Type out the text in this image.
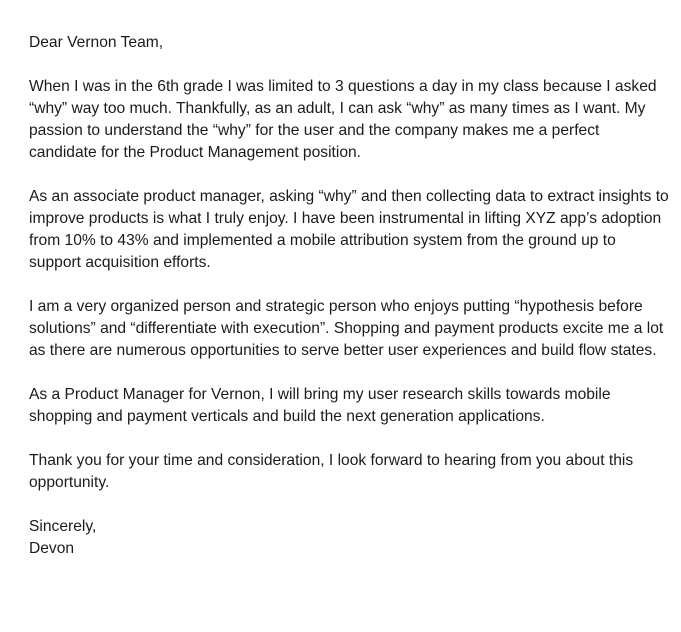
Dear Vernon Team,

When I was in the 6th grade I was limited to 3 questions a day in my class because I asked “why” way too much. Thankfully, as an adult, I can ask “why” as many times as I want. My passion to understand the “why” for the user and the company makes me a perfect candidate for the Product Management position.

As an associate product manager, asking “why” and then collecting data to extract insights to improve products is what I truly enjoy. I have been instrumental in lifting XYZ app’s adoption from 10% to 43% and implemented a mobile attribution system from the ground up to support acquisition efforts.

I am a very organized person and strategic person who enjoys putting “hypothesis before solutions” and “differentiate with execution”. Shopping and payment products excite me a lot as there are numerous opportunities to serve better user experiences and build flow states.

As a Product Manager for Vernon, I will bring my user research skills towards mobile shopping and payment verticals and build the next generation applications.

Thank you for your time and consideration, I look forward to hearing from you about this opportunity.

Sincerely,

Devon
